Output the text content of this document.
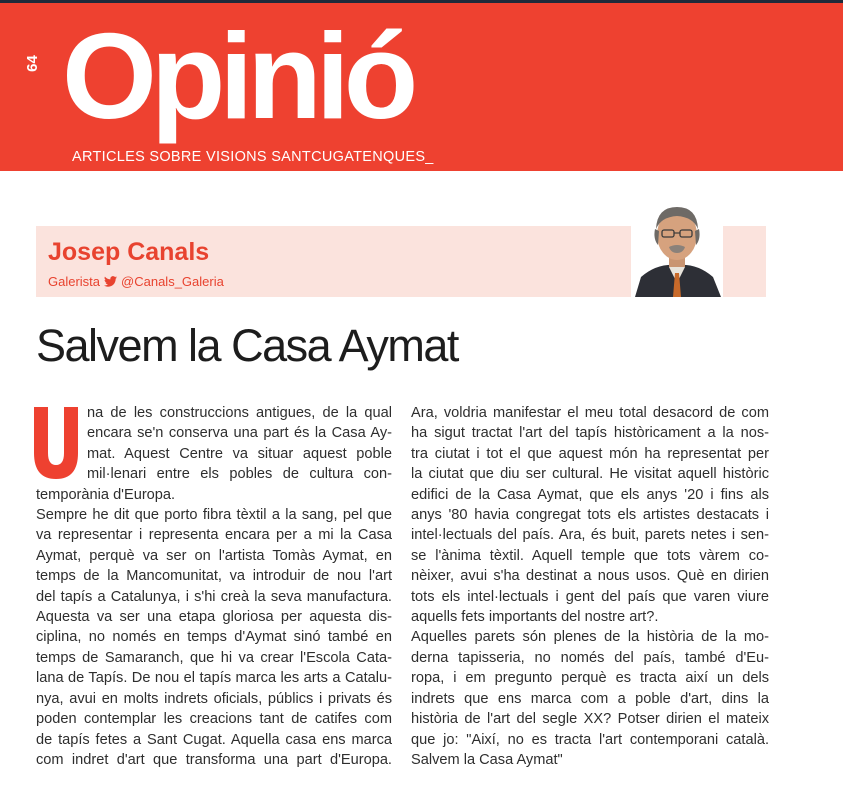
64 Opinió
ARTICLES SOBRE VISIONS SANTCUGATENQUES_
Josep Canals
Galerista @Canals_Galeria
Salvem la Casa Aymat
na de les construccions antigues, de la qual
encara se'n conserva una part és la Casa Ay-
mat. Aquest Centre va situar aquest poble
mil·lenari entre els pobles de cultura con-
temporània d'Europa.
Sempre he dit que porto fibra tèxtil a la sang, pel que
va representar i representa encara per a mi la Casa
Aymat, perquè va ser on l'artista Tomàs Aymat, en
temps de la Mancomunitat, va introduir de nou l'art
del tapís a Catalunya, i s'hi creà la seva manufactura.
Aquesta va ser una etapa gloriosa per aquesta dis-
ciplina, no només en temps d'Aymat sinó també en
temps de Samaranch, que hi va crear l'Escola Cata-
lana de Tapís. De nou el tapís marca les arts a Catalu-
nya, avui en molts indrets oficials, públics i privats és
poden contemplar les creacions tant de catifes com
de tapís fetes a Sant Cugat. Aquella casa ens marca
com indret d'art que transforma una part d'Europa.
Ara, voldria manifestar el meu total desacord de com
ha sigut tractat l'art del tapís històricament a la nos-
tra ciutat i tot el que aquest món ha representat per
la ciutat que diu ser cultural. He visitat aquell històric
edifici de la Casa Aymat, que els anys '20 i fins als
anys '80 havia congregat tots els artistes destacats i
intel·lectuals del país. Ara, és buit, parets netes i sen-
se l'ànima tèxtil. Aquell temple que tots vàrem co-
nèixer, avui s'ha destinat a nous usos. Què en dirien
tots els intel·lectuals i gent del país que varen viure
aquells fets importants del nostre art?.
Aquelles parets són plenes de la història de la mo-
derna tapisseria, no només del país, també d'Eu-
ropa, i em pregunto perquè es tracta així un dels
indrets que ens marca com a poble d'art, dins la
història de l'art del segle XX? Potser dirien el mateix
que jo: "Així, no es tracta l'art contemporani català.
Salvem la Casa Aymat"
